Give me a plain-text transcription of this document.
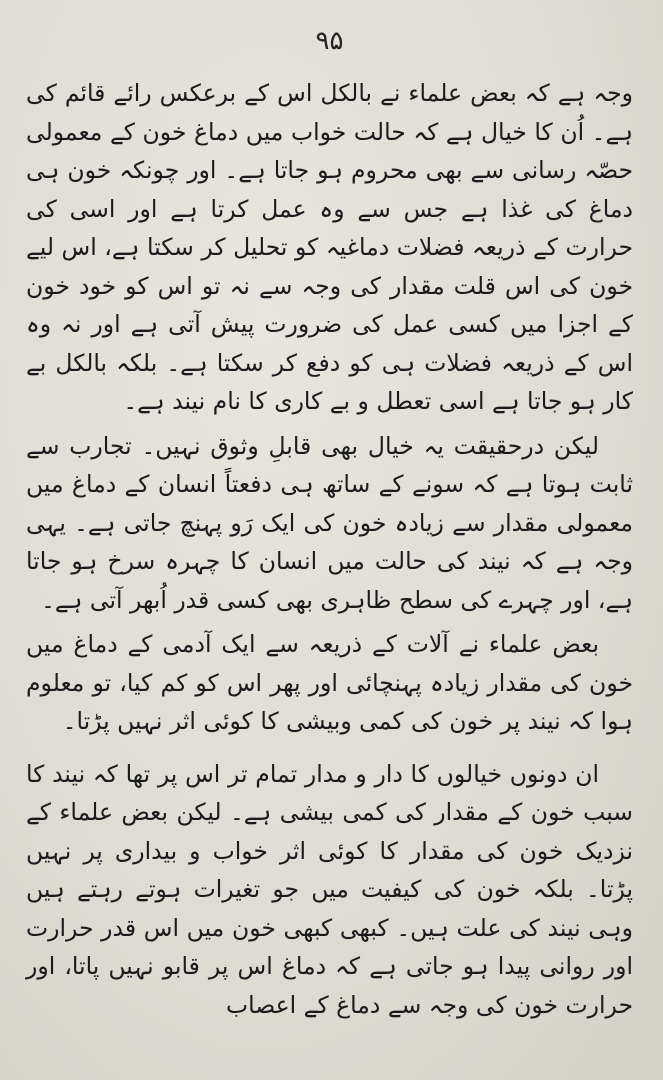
۹۵

وجہ ہے کہ بعض علماء نے بالکل اس کے برعکس رائے قائم کی ہے۔ اُن کا خیال ہے کہ حالت خواب میں دماغ خون کے معمولی حصّہ رسانی سے بھی محروم ہو جاتا ہے۔ اور چونکہ خون ہی دماغ کی غذا ہے جس سے وہ عمل کرتا ہے اور اسی کی حرارت کے ذریعہ فضلات دماغیہ کو تحلیل کر سکتا ہے، اس لیے خون کی اس قلت مقدار کی وجہ سے نہ تو اس کو خود خون کے اجزا میں کسی عمل کی ضرورت پیش آتی ہے اور نہ وہ اس کے ذریعہ فضلات ہی کو دفع کر سکتا ہے۔ بلکہ بالکل بے کار ہو جاتا ہے اسی تعطل و بے کاری کا نام نیند ہے۔

لیکن درحقیقت یہ خیال بھی قابلِ وثوق نہیں۔ تجارب سے ثابت ہوتا ہے کہ سونے کے ساتھ ہی دفعتاً انسان کے دماغ میں معمولی مقدار سے زیادہ خون کی ایک رَو پہنچ جاتی ہے۔ یہی وجہ ہے کہ نیند کی حالت میں انسان کا چہرہ سرخ ہو جاتا ہے، اور چہرے کی سطح ظاہری بھی کسی قدر اُبھر آتی ہے۔

بعض علماء نے آلات کے ذریعہ سے ایک آدمی کے دماغ میں خون کی مقدار زیادہ پہنچائی اور پھر اس کو کم کیا، تو معلوم ہوا کہ نیند پر خون کی کمی وبیشی کا کوئی اثر نہیں پڑتا۔

ان دونوں خیالوں کا دار و مدار تمام تر اس پر تھا کہ نیند کا سبب خون کے مقدار کی کمی بیشی ہے۔ لیکن بعض علماء کے نزدیک خون کی مقدار کا کوئی اثر خواب و بیداری پر نہیں پڑتا۔ بلکہ خون کی کیفیت میں جو تغیرات ہوتے رہتے ہیں وہی نیند کی علت ہیں۔ کبھی کبھی خون میں اس قدر حرارت اور روانی پیدا ہو جاتی ہے کہ دماغ اس پر قابو نہیں پاتا، اور حرارت خون کی وجہ سے دماغ کے اعصاب
